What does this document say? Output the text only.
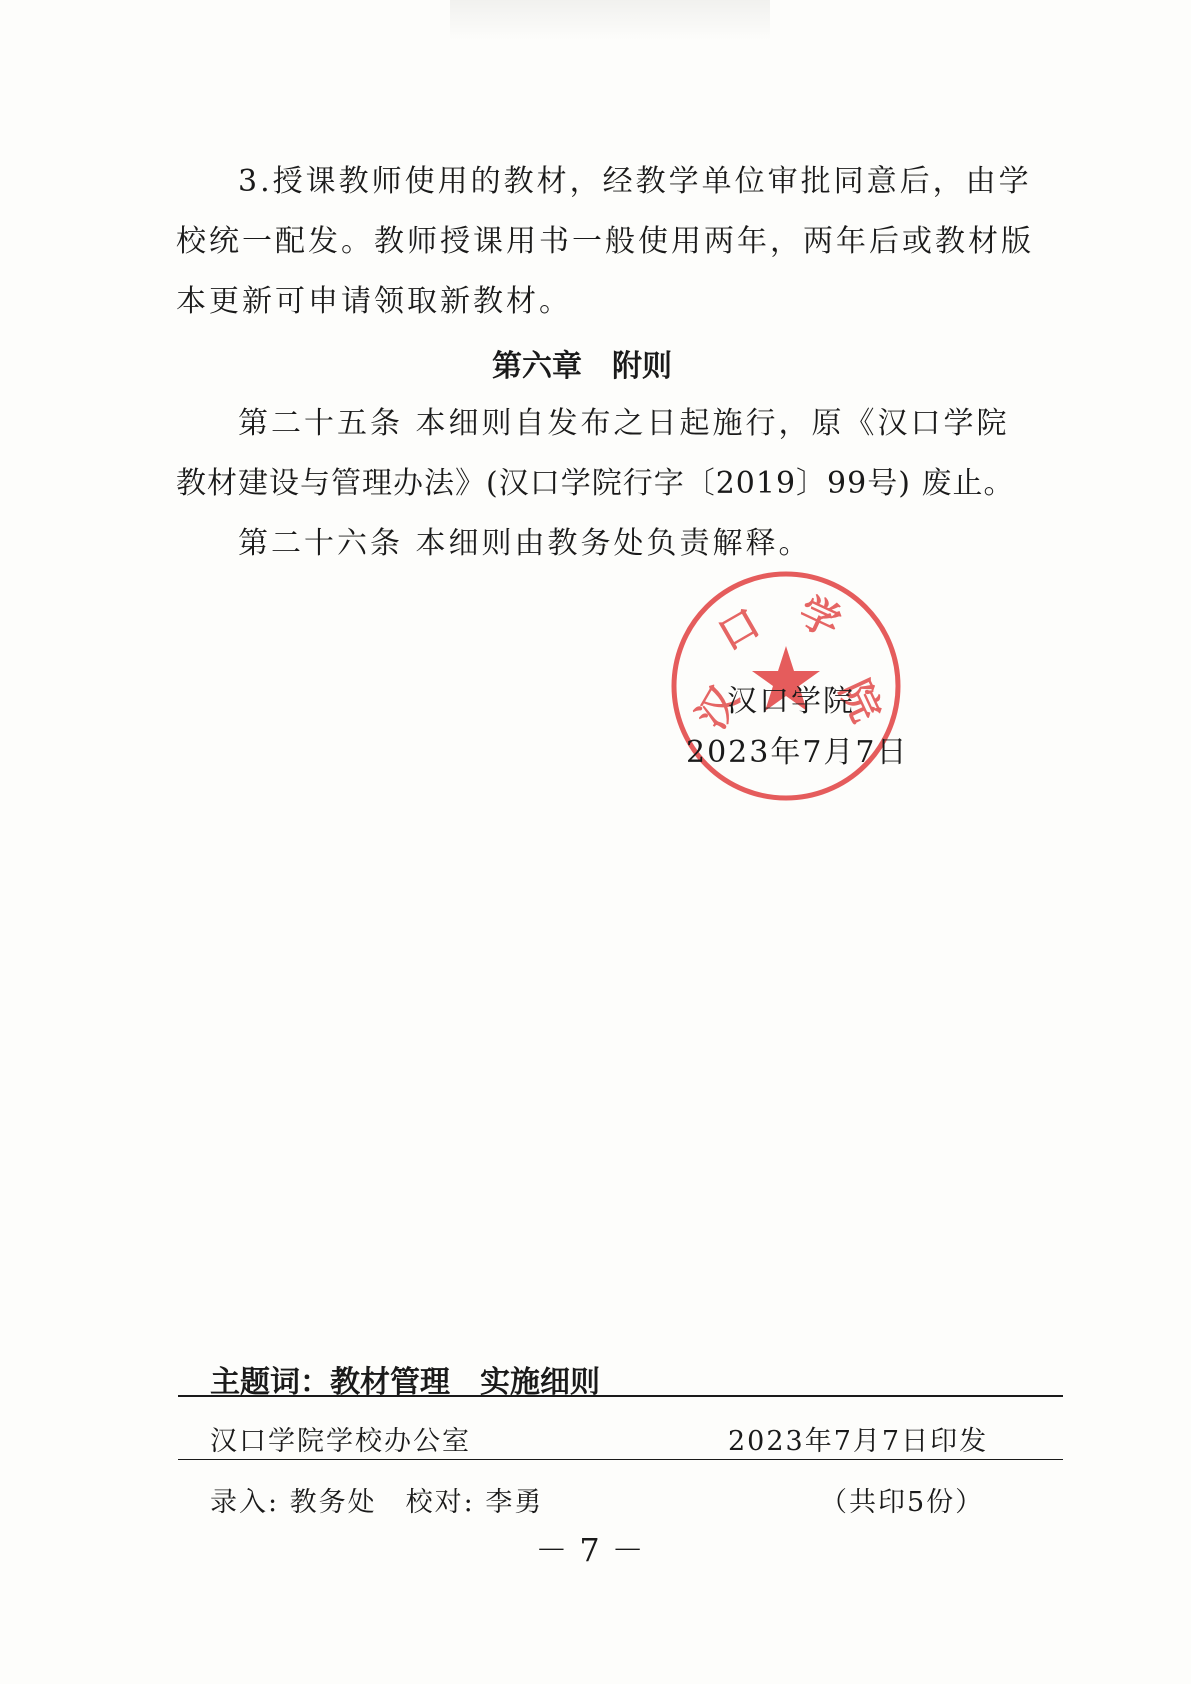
3.授课教师使用的教材，经教学单位审批同意后，由学
校统一配发。教师授课用书一般使用两年，两年后或教材版
本更新可申请领取新教材。
第六章　附则
第二十五条 本细则自发布之日起施行，原《汉口学院
教材建设与管理办法》(汉口学院行字〔2019〕99号) 废止。
第二十六条 本细则由教务处负责解释。
汉
口 学
院
汉口学院
2023年7月7日
主题词：教材管理　实施细则
汉口学院学校办公室	2023年7月7日印发
录入: 教务处　校对: 李勇	（共印5份）
－7－
